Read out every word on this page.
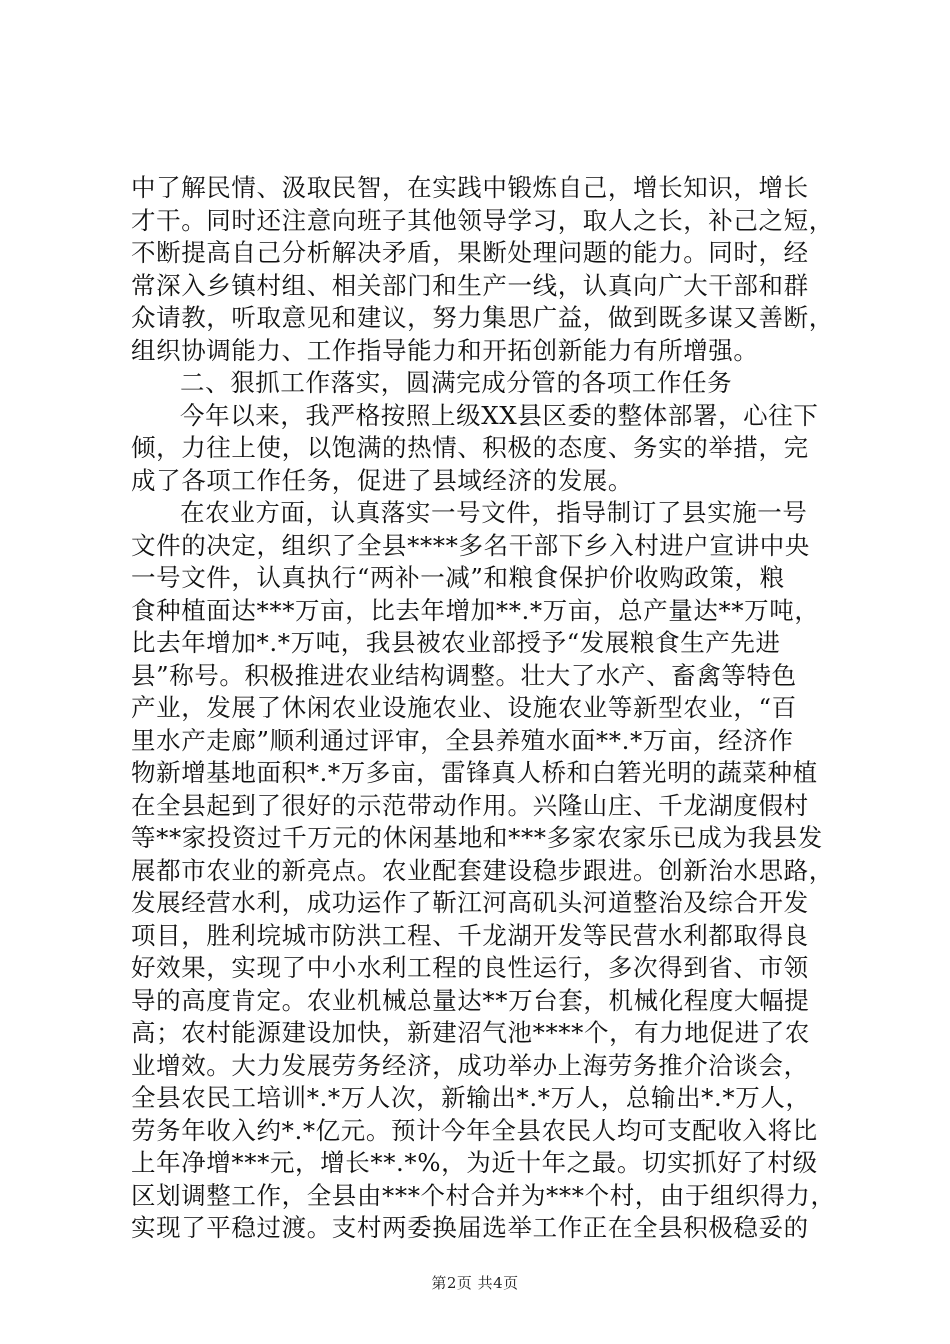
中了解民情、汲取民智，在实践中锻炼自己，增长知识，增长
才干。同时还注意向班子其他领导学习，取人之长，补己之短，
不断提高自己分析解决矛盾，果断处理问题的能力。同时，经
常深入乡镇村组、相关部门和生产一线，认真向广大干部和群
众请教，听取意见和建议，努力集思广益，做到既多谋又善断，
组织协调能力、工作指导能力和开拓创新能力有所增强。
二、狠抓工作落实，圆满完成分管的各项工作任务
今年以来，我严格按照上级XX县区委的整体部署，心往下
倾，力往上使，以饱满的热情、积极的态度、务实的举措，完
成了各项工作任务，促进了县域经济的发展。
在农业方面，认真落实一号文件，指导制订了县实施一号
文件的决定，组织了全县****多名干部下乡入村进户宣讲中央
一号文件，认真执行“两补一减”和粮食保护价收购政策，粮
食种植面达***万亩，比去年增加**.*万亩，总产量达**万吨，
比去年增加*.*万吨，我县被农业部授予“发展粮食生产先进
县”称号。积极推进农业结构调整。壮大了水产、畜禽等特色
产业，发展了休闲农业设施农业、设施农业等新型农业，“百
里水产走廊”顺利通过评审，全县养殖水面**.*万亩，经济作
物新增基地面积*.*万多亩，雷锋真人桥和白箬光明的蔬菜种植
在全县起到了很好的示范带动作用。兴隆山庄、千龙湖度假村
等**家投资过千万元的休闲基地和***多家农家乐已成为我县发
展都市农业的新亮点。农业配套建设稳步跟进。创新治水思路，
发展经营水利，成功运作了靳江河高矶头河道整治及综合开发
项目，胜利垸城市防洪工程、千龙湖开发等民营水利都取得良
好效果，实现了中小水利工程的良性运行，多次得到省、市领
导的高度肯定。农业机械总量达**万台套，机械化程度大幅提
高；农村能源建设加快，新建沼气池****个，有力地促进了农
业增效。大力发展劳务经济，成功举办上海劳务推介洽谈会，
全县农民工培训*.*万人次，新输出*.*万人，总输出*.*万人，
劳务年收入约*.*亿元。预计今年全县农民人均可支配收入将比
上年净增***元，增长**.*%，为近十年之最。切实抓好了村级
区划调整工作，全县由***个村合并为***个村，由于组织得力，
实现了平稳过渡。支村两委换届选举工作正在全县积极稳妥的
第2页 共4页
